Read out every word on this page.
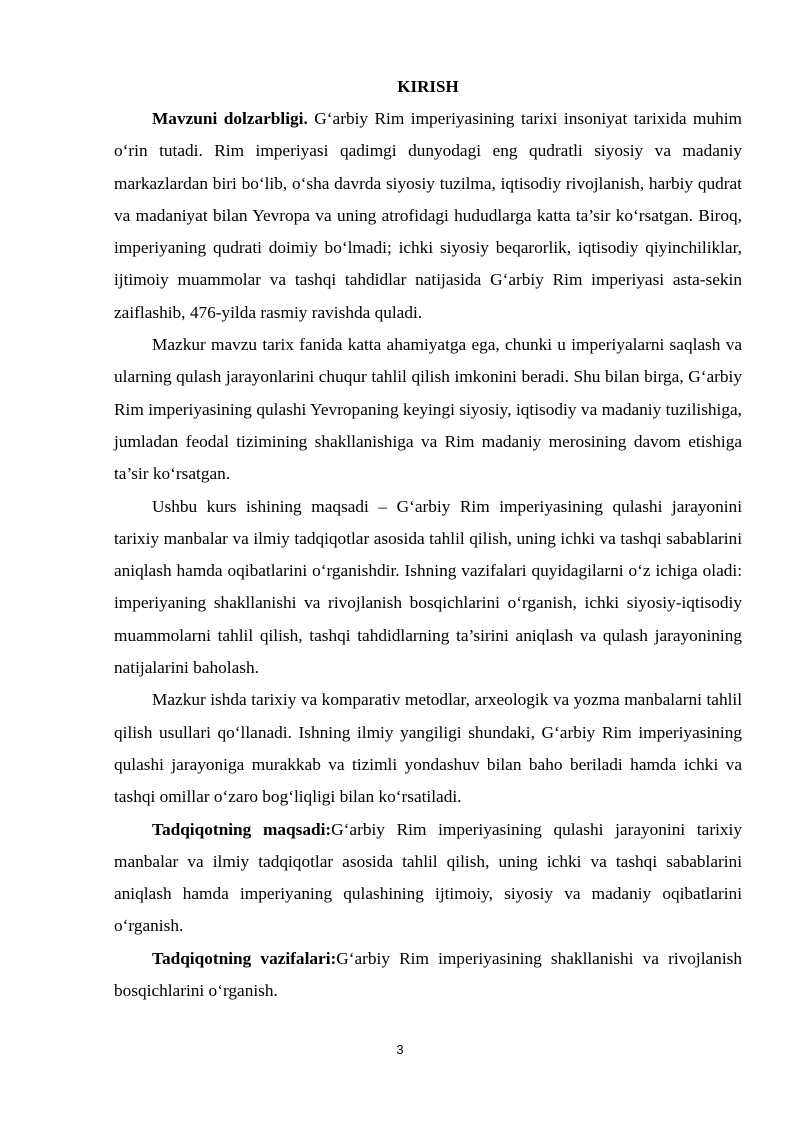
KIRISH

Mavzuni dolzarbligi. G‘arbiy Rim imperiyasining tarixi insoniyat tarixida muhim o‘rin tutadi. Rim imperiyasi qadimgi dunyodagi eng qudratli siyosiy va madaniy markazlardan biri bo‘lib, o‘sha davrda siyosiy tuzilma, iqtisodiy rivojlanish, harbiy qudrat va madaniyat bilan Yevropa va uning atrofidagi hududlarga katta ta’sir ko‘rsatgan. Biroq, imperiyaning qudrati doimiy bo‘lmadi; ichki siyosiy beqarorlik, iqtisodiy qiyinchiliklar, ijtimoiy muammolar va tashqi tahdidlar natijasida G‘arbiy Rim imperiyasi asta-sekin zaiflashib, 476-yilda rasmiy ravishda quladi.

Mazkur mavzu tarix fanida katta ahamiyatga ega, chunki u imperiyalarni saqlash va ularning qulash jarayonlarini chuqur tahlil qilish imkonini beradi. Shu bilan birga, G‘arbiy Rim imperiyasining qulashi Yevropaning keyingi siyosiy, iqtisodiy va madaniy tuzilishiga, jumladan feodal tizimining shakllanishiga va Rim madaniy merosining davom etishiga ta’sir ko‘rsatgan.

Ushbu kurs ishining maqsadi – G‘arbiy Rim imperiyasining qulashi jarayonini tarixiy manbalar va ilmiy tadqiqotlar asosida tahlil qilish, uning ichki va tashqi sabablarini aniqlash hamda oqibatlarini o‘rganishdir. Ishning vazifalari quyidagilarni o‘z ichiga oladi: imperiyaning shakllanishi va rivojlanish bosqichlarini o‘rganish, ichki siyosiy-iqtisodiy muammolarni tahlil qilish, tashqi tahdidlarning ta’sirini aniqlash va qulash jarayonining natijalarini baholash.

Mazkur ishda tarixiy va komparativ metodlar, arxeologik va yozma manbalarni tahlil qilish usullari qo‘llanadi. Ishning ilmiy yangiligi shundaki, G‘arbiy Rim imperiyasining qulashi jarayoniga murakkab va tizimli yondashuv bilan baho beriladi hamda ichki va tashqi omillar o‘zaro bog‘liqligi bilan ko‘rsatiladi.

Tadqiqotning maqsadi:G‘arbiy Rim imperiyasining qulashi jarayonini tarixiy manbalar va ilmiy tadqiqotlar asosida tahlil qilish, uning ichki va tashqi sabablarini aniqlash hamda imperiyaning qulashining ijtimoiy, siyosiy va madaniy oqibatlarini o‘rganish.

Tadqiqotning vazifalari:G‘arbiy Rim imperiyasining shakllanishi va rivojlanish bosqichlarini o‘rganish.

3
